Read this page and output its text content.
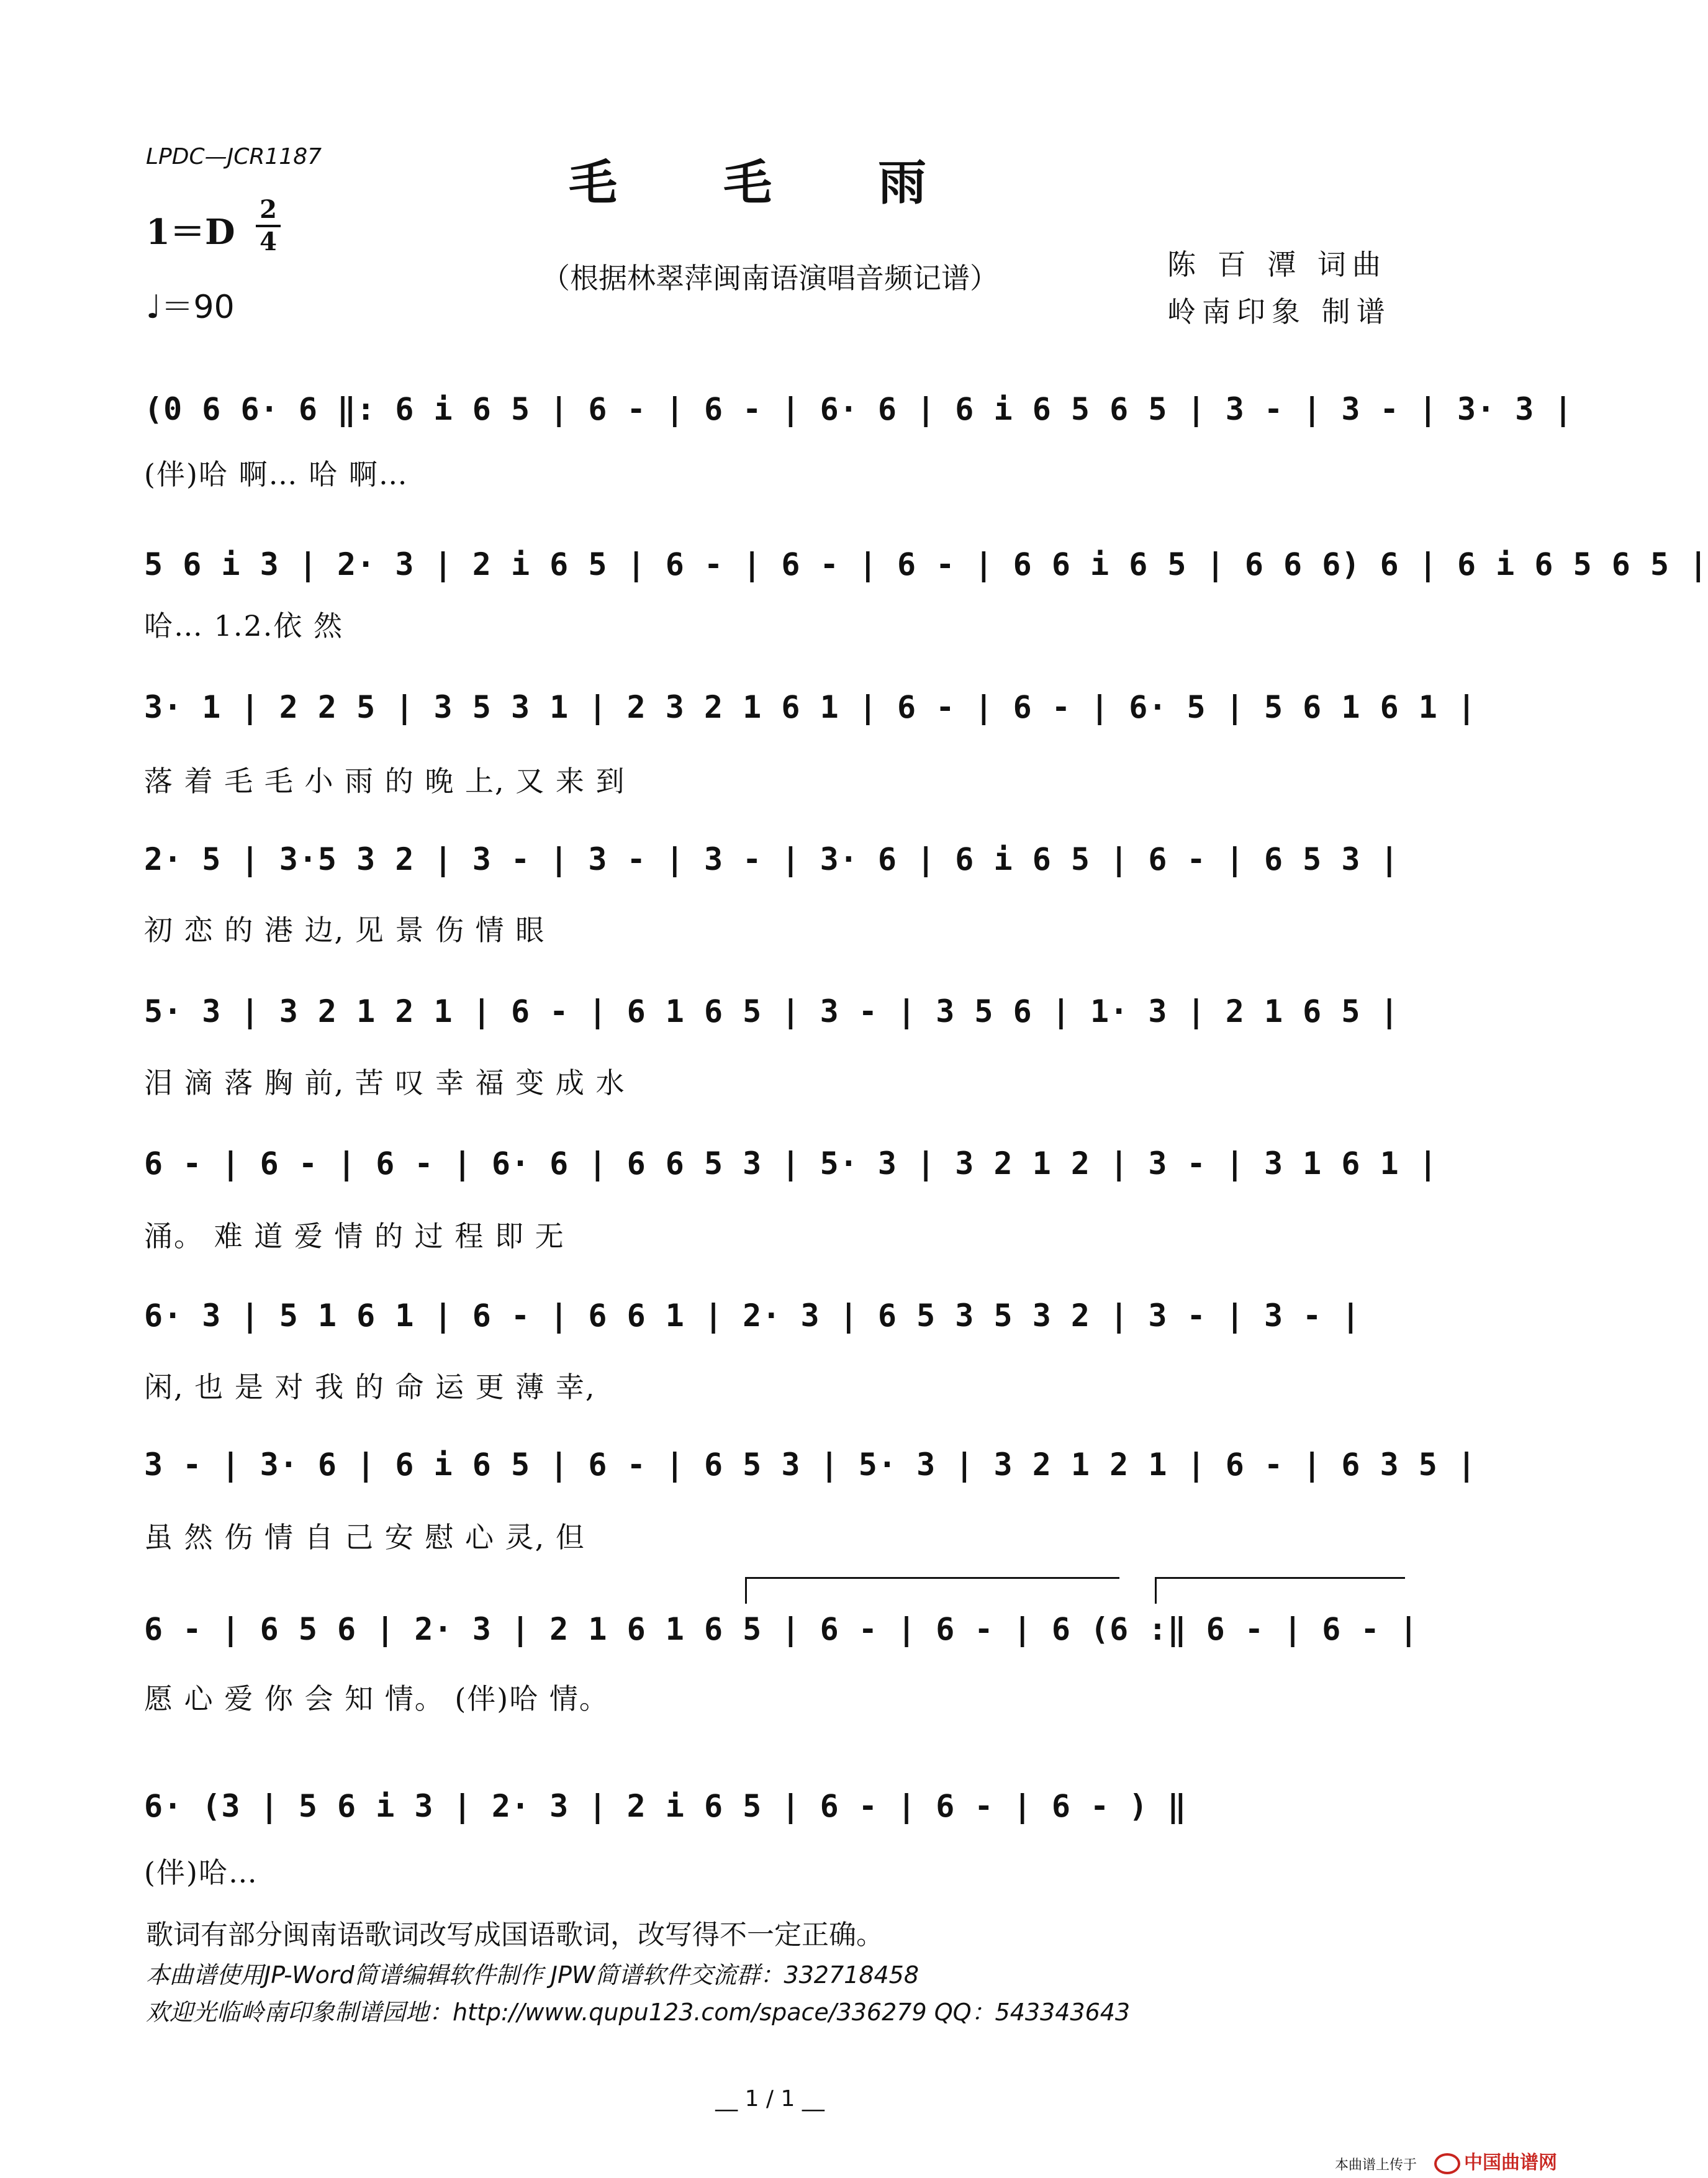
LPDC—JCR1187	毛 毛 雨
1＝D
2
4
♩＝90
（根据林翠萍闽南语演唱音频记谱）	陈 百 潭 词曲
岭南印象 制谱
(0 6 6· 6 ‖: 6 i 6 5 | 6 - | 6 - | 6· 6 | 6 i 6 5 6 5 | 3 - | 3 - | 3· 3 |
(伴)哈 啊… 哈 啊…
5 6 i 3 | 2· 3 | 2 i 6 5 | 6 - | 6 - | 6 - | 6 6 i 6 5 | 6 6 6) 6 | 6 i 6 5 6 5 |
哈… 1.2.依 然
3· 1 | 2 2 5 | 3 5 3 1 | 2 3 2 1 6 1 | 6 - | 6 - | 6· 5 | 5 6 1 6 1 |
落 着 毛 毛 小 雨 的 晚 上, 又 来 到
2· 5 | 3·5 3 2 | 3 - | 3 - | 3 - | 3· 6 | 6 i 6 5 | 6 - | 6 5 3 |
初 恋 的 港 边, 见 景 伤 情 眼
5· 3 | 3 2 1 2 1 | 6 - | 6 1 6 5 | 3 - | 3 5 6 | 1· 3 | 2 1 6 5 |
泪 滴 落 胸 前, 苦 叹 幸 福 变 成 水
6 - | 6 - | 6 - | 6· 6 | 6 6 5 3 | 5· 3 | 3 2 1 2 | 3 - | 3 1 6 1 |
涌。 难 道 爱 情 的 过 程 即 无
6· 3 | 5 1 6 1 | 6 - | 6 6 1 | 2· 3 | 6 5 3 5 3 2 | 3 - | 3 - |
闲, 也 是 对 我 的 命 运 更 薄 幸,
3 - | 3· 6 | 6 i 6 5 | 6 - | 6 5 3 | 5· 3 | 3 2 1 2 1 | 6 - | 6 3 5 |
虽 然 伤 情 自 己 安 慰 心 灵, 但
6 - | 6 5 6 | 2· 3 | 2 1 6 1 6 5 | 6 - | 6 - | 6 (6 :‖ 6 - | 6 - |
愿 心 爱 你 会 知 情。 (伴)哈 情。
6· (3 | 5 6 i 3 | 2· 3 | 2 i 6 5 | 6 - | 6 - | 6 - ) ‖
(伴)哈…
歌词有部分闽南语歌词改写成国语歌词，改写得不一定正确。
本曲谱使用JP-Word简谱编辑软件制作 JPW简谱软件交流群：332718458
欢迎光临岭南印象制谱园地：http://www.qupu123.com/space/336279 QQ：543343643
__ 1 / 1 __
本曲谱上传于	中国曲谱网
